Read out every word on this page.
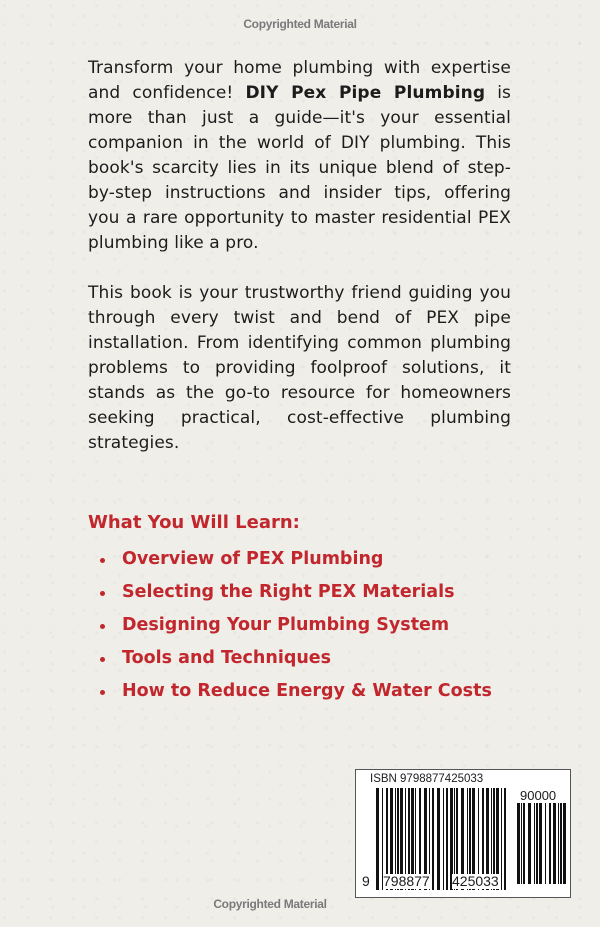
Copyrighted Material
Transform your home plumbing with expertise and confidence! DIY Pex Pipe Plumbing is more than just a guide—it's your essential companion in the world of DIY plumbing. This book's scarcity lies in its unique blend of step-by-step instructions and insider tips, offering you a rare opportunity to master residential PEX plumbing like a pro.
This book is your trustworthy friend guiding you through every twist and bend of PEX pipe installation. From identifying common plumbing problems to providing foolproof solutions, it stands as the go-to resource for homeowners seeking practical, cost-effective plumbing strategies.
What You Will Learn:
Overview of PEX Plumbing
Selecting the Right PEX Materials
Designing Your Plumbing System
Tools and Techniques
How to Reduce Energy & Water Costs
ISBN 9798877425033
90000
9 798877 425033
Copyrighted Material
